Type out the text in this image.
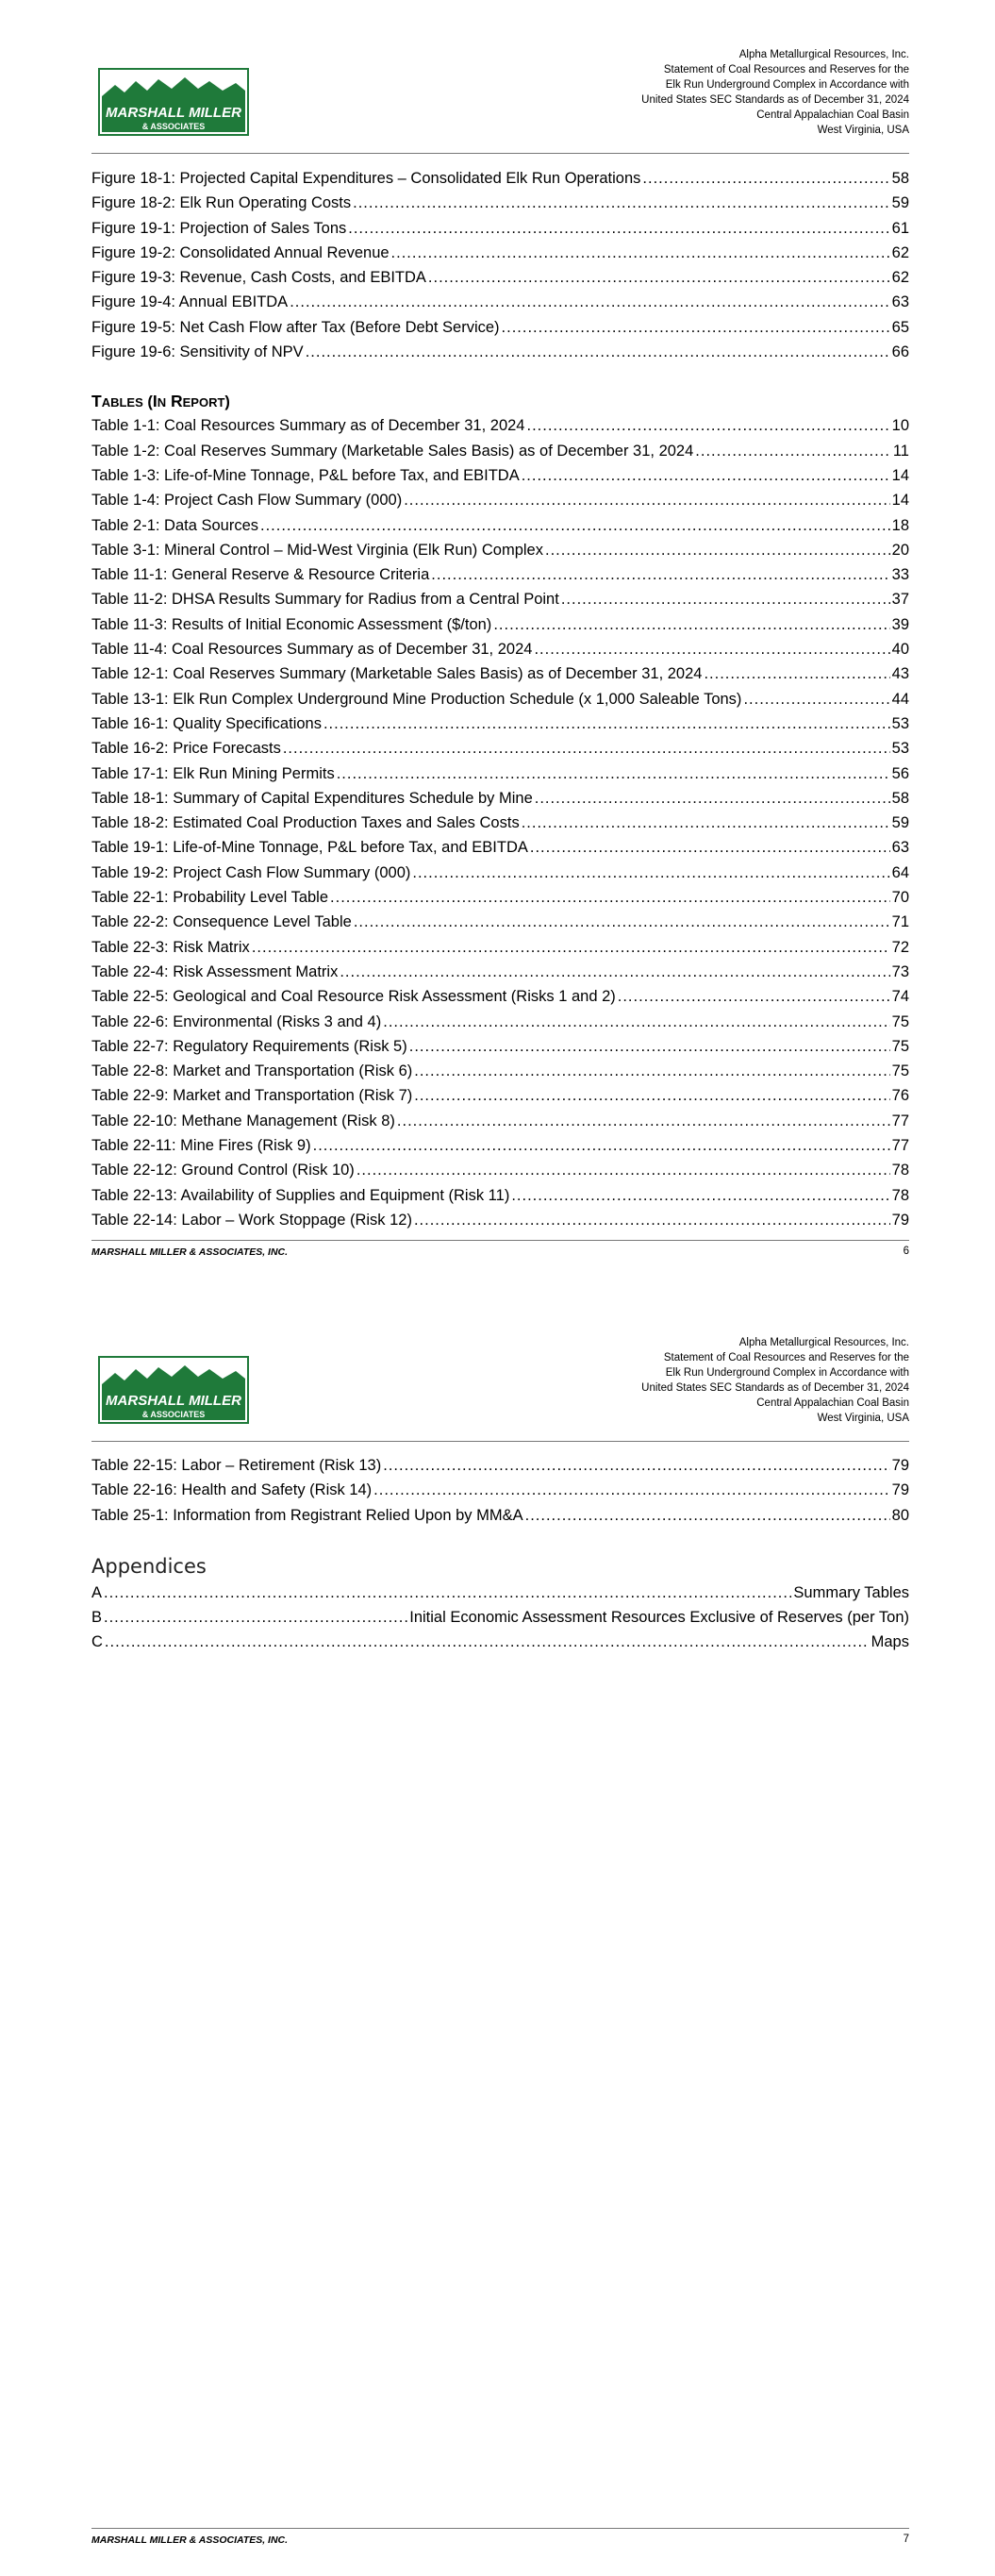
MARSHALL MILLER
& ASSOCIATES
Alpha Metallurgical Resources, Inc.
Statement of Coal Resources and Reserves for the
Elk Run Underground Complex in Accordance with
United States SEC Standards as of December 31, 2024
Central Appalachian Coal Basin
West Virginia, USA
Figure 18-1: Projected Capital Expenditures – Consolidated Elk Run Operations .....	58
Figure 18-2: Elk Run Operating Costs .....	59
Figure 19-1: Projection of Sales Tons .....	61
Figure 19-2: Consolidated Annual Revenue .....	62
Figure 19-3: Revenue, Cash Costs, and EBITDA .....	62
Figure 19-4: Annual EBITDA .....	63
Figure 19-5: Net Cash Flow after Tax (Before Debt Service) .....	65
Figure 19-6: Sensitivity of NPV .....	66
TABLES (IN REPORT)
Table 1-1: Coal Resources Summary as of December 31, 2024 .....	10
Table 1-2: Coal Reserves Summary (Marketable Sales Basis) as of December 31, 2024 .....	11
Table 1-3: Life-of-Mine Tonnage, P&L before Tax, and EBITDA .....	14
Table 1-4: Project Cash Flow Summary (000) .....	14
Table 2-1: Data Sources .....	18
Table 3-1: Mineral Control – Mid-West Virginia (Elk Run) Complex .....	20
Table 11-1: General Reserve & Resource Criteria .....	33
Table 11-2: DHSA Results Summary for Radius from a Central Point .....	37
Table 11-3: Results of Initial Economic Assessment ($/ton) .....	39
Table 11-4: Coal Resources Summary as of December 31, 2024 .....	40
Table 12-1: Coal Reserves Summary (Marketable Sales Basis) as of December 31, 2024 .....	43
Table 13-1: Elk Run Complex Underground Mine Production Schedule (x 1,000 Saleable Tons) .....	44
Table 16-1: Quality Specifications .....	53
Table 16-2: Price Forecasts .....	53
Table 17-1: Elk Run Mining Permits .....	56
Table 18-1: Summary of Capital Expenditures Schedule by Mine .....	58
Table 18-2: Estimated Coal Production Taxes and Sales Costs .....	59
Table 19-1: Life-of-Mine Tonnage, P&L before Tax, and EBITDA .....	63
Table 19-2: Project Cash Flow Summary (000) .....	64
Table 22-1: Probability Level Table .....	70
Table 22-2: Consequence Level Table .....	71
Table 22-3: Risk Matrix .....	72
Table 22-4: Risk Assessment Matrix .....	73
Table 22-5: Geological and Coal Resource Risk Assessment (Risks 1 and 2) .....	74
Table 22-6: Environmental (Risks 3 and 4) .....	75
Table 22-7: Regulatory Requirements (Risk 5) .....	75
Table 22-8: Market and Transportation (Risk 6) .....	75
Table 22-9: Market and Transportation (Risk 7) .....	76
Table 22-10: Methane Management (Risk 8) .....	77
Table 22-11: Mine Fires (Risk 9) .....	77
Table 22-12: Ground Control (Risk 10) .....	78
Table 22-13: Availability of Supplies and Equipment (Risk 11) .....	78
Table 22-14: Labor – Work Stoppage (Risk 12) .....	79
MARSHALL MILLER & ASSOCIATES, INC.	6
MARSHALL MILLER
& ASSOCIATES
Alpha Metallurgical Resources, Inc.
Statement of Coal Resources and Reserves for the
Elk Run Underground Complex in Accordance with
United States SEC Standards as of December 31, 2024
Central Appalachian Coal Basin
West Virginia, USA
Table 22-15: Labor – Retirement (Risk 13) .....	79
Table 22-16: Health and Safety (Risk 14) .....	79
Table 25-1: Information from Registrant Relied Upon by MM&A .....	80
Appendices
A .....	Summary Tables
B .....	Initial Economic Assessment Resources Exclusive of Reserves (per Ton)
C .....	Maps
MARSHALL MILLER & ASSOCIATES, INC.	7
